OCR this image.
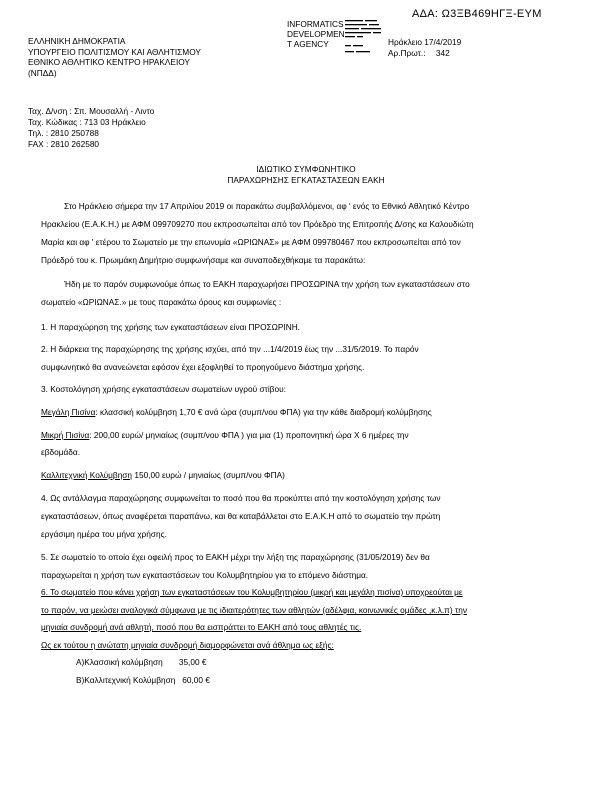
ΑΔΑ: Ω3ΞΒ469ΗΓΞ-ΕΥΜ
ΕΛΛΗΝΙΚΗ ΔΗΜΟΚΡΑΤΙΑ
ΥΠΟΥΡΓΕΙΟ ΠΟΛΙΤΙΣΜΟΥ ΚΑΙ ΑΘΛΗΤΙΣΜΟΥ
ΕΘΝΙΚΟ ΑΘΛΗΤΙΚΟ ΚΕΝΤΡΟ ΗΡΑΚΛΕΙΟΥ
(ΝΠΔΔ)
INFORMATICS
DEVELOPMEN
T AGENCY	Ηράκλειο 17/4/2019
Αρ.Πρωτ.: 342
Ταχ. Δ/νση : Σπ. Μουσαλλή - Λιντο
Ταχ. Κώδικας : 713 03 Ηράκλειο
Τηλ. : 2810 250788
FAX : 2810 262580
ΙΔΙΩΤΙΚΟ ΣΥΜΦΩΝΗΤΙΚΟ
ΠΑΡΑΧΩΡΗΣΗΣ ΕΓΚΑΤΑΣΤΑΣΕΩΝ ΕΑΚΗ
Στο Ηράκλειο σήμερα την 17 Απριλίου 2019 οι παρακάτω συμβαλλόμενοι, αφ ' ενός το Εθνικό Αθλητικό Κέντρο
Ηρακλείου (Ε.Α.Κ.Η.) με ΑΦΜ 099709270 που εκπροσωπείται από τον Πρόεδρο της Επιτροπής Δ/σης κα Καλουδιώτη
Μαρία και αφ ' ετέρου το Σωματείο με την επωνυμία «ΩΡΙΩΝΑΣ» με ΑΦΜ 099780467 που εκπροσωπείται από τον
Πρόεδρό του κ. Πρωιμάκη Δημήτριο συμφωνήσαμε και συναποδεχθήκαμε τα παρακάτω:
Ήδη με το παρόν συμφωνούμε όπως το ΕΑΚΗ παραχωρήσει ΠΡΟΣΩΡΙΝΑ την χρήση των εγκαταστάσεων στο
σωματείο «ΩΡΙΩΝΑΣ.» με τους παρακάτω όρους και συμφωνίες :
1. Η παραχώρηση της χρήσης των εγκαταστάσεων είναι ΠΡΟΣΩΡΙΝΗ.
2. Η διάρκεια της παραχώρησης της χρήσης ισχύει, από την ...1/4/2019 έως την ...31/5/2019. Το παρόν
συμφωνητικό θα ανανεώνεται εφόσον έχει εξοφληθεί το προηγούμενο διάστημα χρήσης.
3. Κοστολόγηση χρήσης εγκαταστάσεων σωματείων υγρού στίβου:
Μεγάλη Πισίνα: κλασσική κολύμβηση 1,70 € ανά ώρα (συμπ/νου ΦΠΑ) για την κάθε διαδρομή κολύμβησης
Μικρή Πισίνα: 200,00 ευρώ/ μηνιαίως (συμπ/νου ΦΠΑ ) για μια (1) προπονητική ώρα Χ 6 ημέρες την
εβδομάδα.
Καλλιτεχνική Κολύμβηση 150,00 ευρώ / μηνιαίως (συμπ/νου ΦΠΑ)
4. Ως αντάλλαγμα παραχώρησης συμφωνείται το ποσό που θα προκύπτει από την κοστολόγηση χρήσης των
εγκαταστάσεων, όπως αναφέρεται παραπάνω, και θα καταβάλλεται στο Ε.Α.Κ.Η από το σωματείο την πρώτη
εργάσιμη ημέρα του μήνα χρήσης.
5. Σε σωματείο το οποίο έχει οφειλή προς το ΕΑΚΗ μέχρι την λήξη της παραχώρησης (31/05/2019) δεν θα
παραχωρείται η χρήση των εγκαταστάσεων του Κολυμβητηρίου για το επόμενο διάστημα.
6. Το σωματείο που κάνει χρήση των εγκαταστάσεων του Κολυμβητηρίου (μικρή και μεγάλη πισίνα) υποχρεούται με
το παρόν, να μειώσει αναλογικά σύμφωνα με τις ιδιαιτερότητες των αθλητών (αδέλφια, κοινωνικές ομάδες ,κ.λ.π) την
μηνιαία συνδρομή ανά αθλητή, ποσό που θα εισπράττει το ΕΑΚΗ από τους αθλητές τις.
Ως εκ τούτου η ανώτατη μηνιαία συνδρομή διαμορφώνεται ανά άθλημα ως εξής:
Α)Κλασσική κολύμβηση       35,00 €
Β)Καλλιτεχνική Κολύμβηση   60,00 €
